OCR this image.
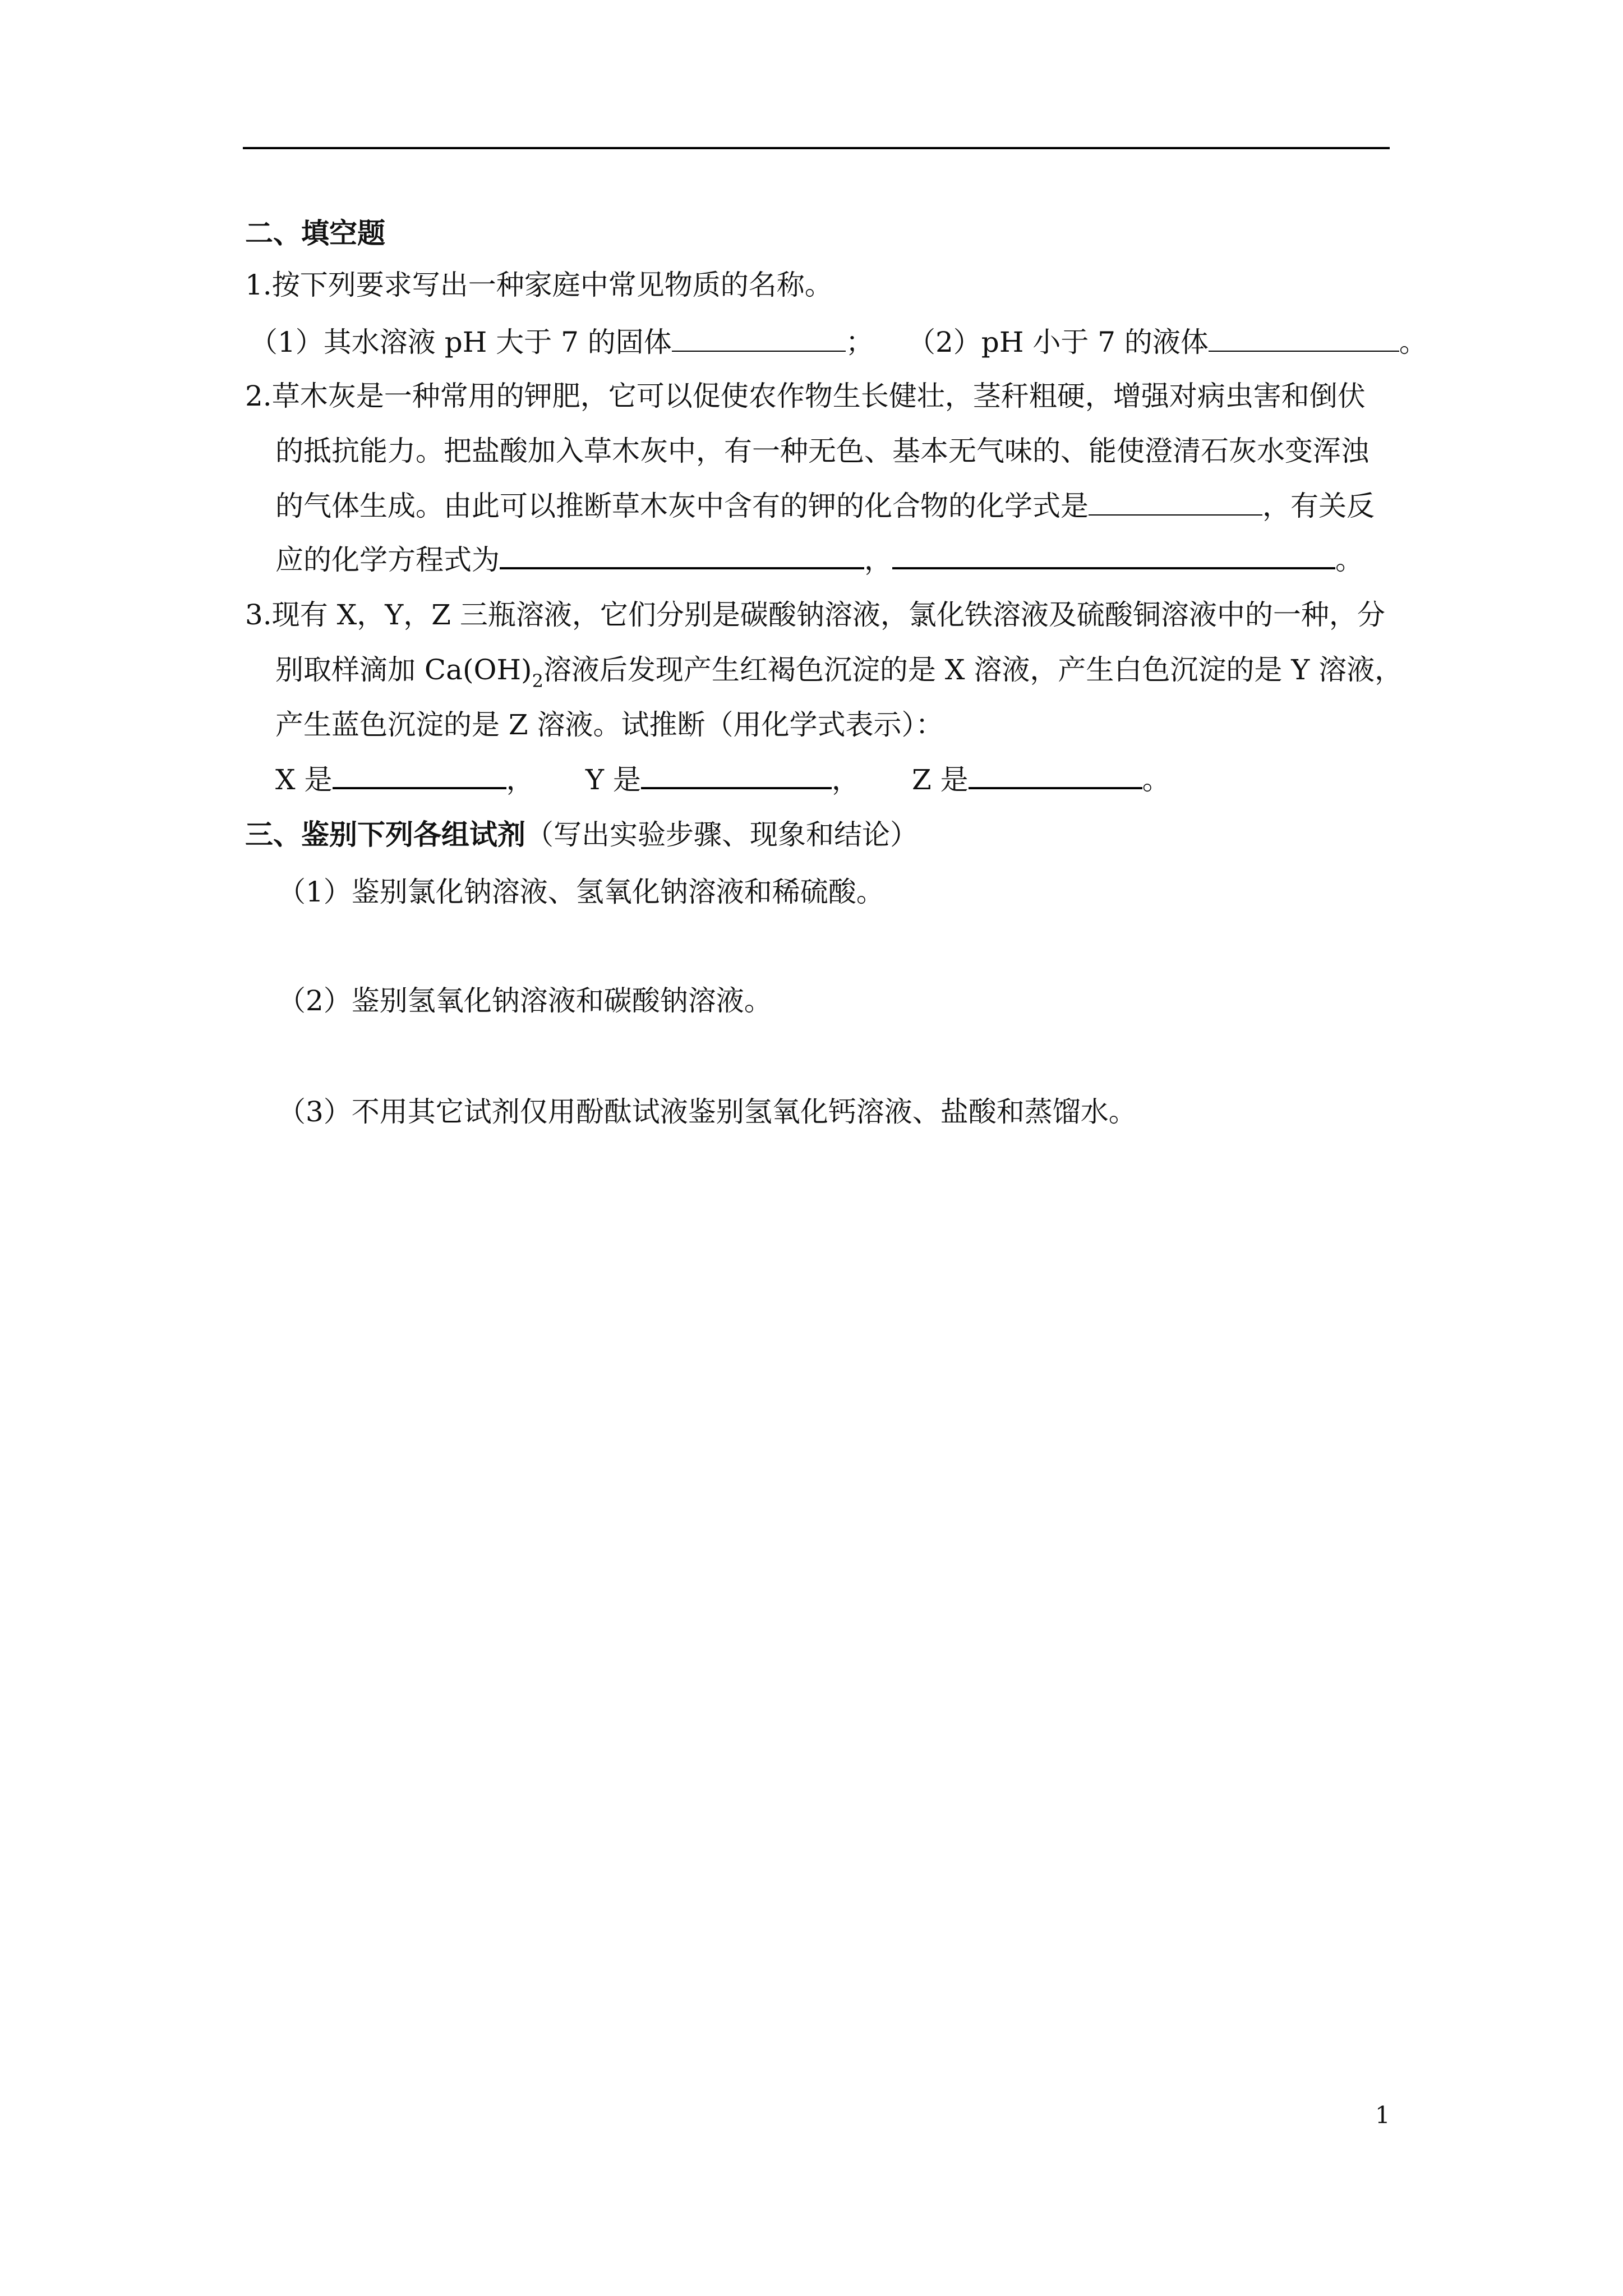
二、填空题
1.按下列要求写出一种家庭中常见物质的名称。
（1）其水溶液 pH 大于 7 的固体	； （2）pH 小于 7 的液体	。
2.草木灰是一种常用的钾肥，它可以促使农作物生长健壮，茎秆粗硬，增强对病虫害和倒伏
的抵抗能力。把盐酸加入草木灰中，有一种无色、基本无气味的、能使澄清石灰水变浑浊
的气体生成。由此可以推断草木灰中含有的钾的化合物的化学式是	，有关反
应的化学方程式为	，	。
3.现有 X，Y，Z 三瓶溶液，它们分别是碳酸钠溶液，氯化铁溶液及硫酸铜溶液中的一种，分
别取样滴加 $Ca(OH)_2$溶液后发现产生红褐色沉淀的是 X 溶液，产生白色沉淀的是 Y 溶液，
产生蓝色沉淀的是 Z 溶液。试推断（用化学式表示）：
X 是	， Y 是	， Z 是	。
三、鉴别下列各组试剂（写出实验步骤、现象和结论）
（1）鉴别氯化钠溶液、氢氧化钠溶液和稀硫酸。
（2）鉴别氢氧化钠溶液和碳酸钠溶液。
（3）不用其它试剂仅用酚酞试液鉴别氢氧化钙溶液、盐酸和蒸馏水。
1
